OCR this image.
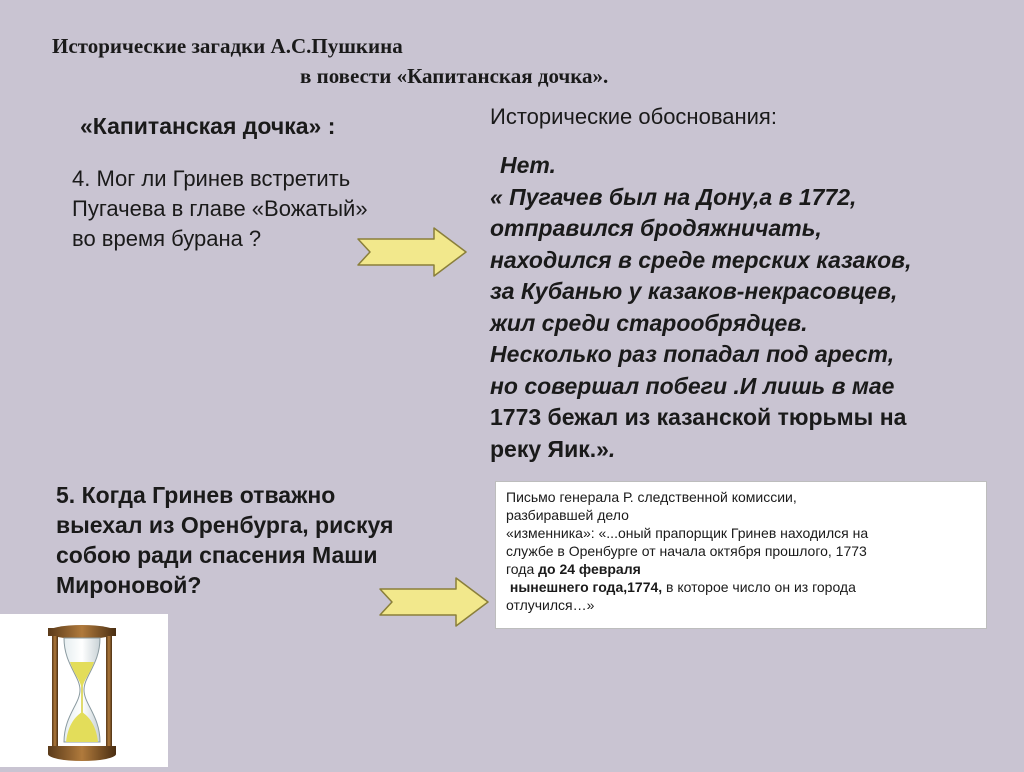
Исторические загадки А.С.Пушкина
в повести «Капитанская дочка».
«Капитанская дочка» :	Исторические обоснования:
4. Мог ли Гринев встретить
Пугачева в главе «Вожатый»
во время бурана ?
Нет.
« Пугачев был на Дону,а в 1772,
отправился бродяжничать,
находился в среде терских казаков,
за Кубанью у казаков-некрасовцев,
жил среди старообрядцев.
Несколько раз попадал под арест,
но совершал побеги .И лишь в мае
1773 бежал из казанской тюрьмы на
реку Яик.».
5. Когда Гринев отважно
выехал из Оренбурга, рискуя
собою ради спасения Маши
Мироновой?

Письмо генерала Р. следственной комиссии,

разбиравшей дело

«изменника»: «...оный прапорщик Гринев находился на

службе в Оренбурге от начала октября прошлого, 1773

года до 24 февраля

нынешнего года,1774, в которое число он из города

отлучился…»
